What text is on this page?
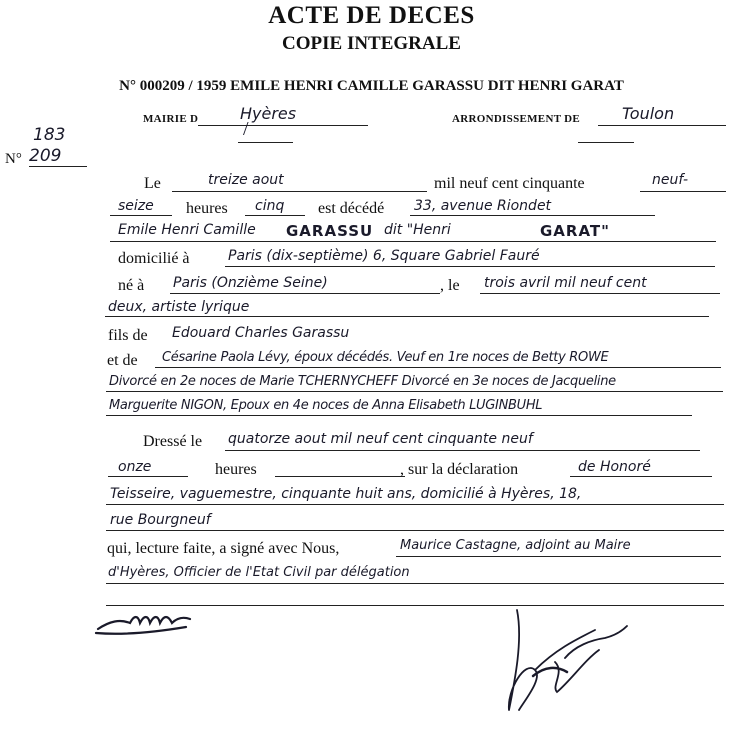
ACTE DE DECES
COPIE INTEGRALE
N° 000209 / 1959 EMILE HENRI CAMILLE GARASSU DIT HENRI GARAT
MAIRIE D	Hyères
/	ARRONDISSEMENT DE	Toulon
183
N° 209
Le	treize aout	mil neuf cent cinquante	neuf-
seize heures cinq est décédé 33, avenue Riondet
Emile Henri Camille GARASSU dit "Henri	GARAT"
domicilié à	Paris (dix-septième) 6, Square Gabriel Fauré
né à Paris (Onzième Seine)	, le trois avril mil neuf cent
deux, artiste lyrique
fils de Edouard Charles Garassu
et de Césarine Paola Lévy, époux décédés. Veuf en 1re noces de Betty ROWE
Divorcé en 2e noces de Marie TCHERNYCHEFF Divorcé en 3e noces de Jacqueline
Marguerite NIGON, Epoux en 4e noces de Anna Elisabeth LUGINBUHL
Dressé le quatorze aout mil neuf cent cinquante neuf
onze	heures	, sur la déclaration	de Honoré
Teisseire, vaguemestre, cinquante huit ans, domicilié à Hyères, 18,
rue Bourgneuf
qui, lecture faite, a signé avec Nous,	Maurice Castagne, adjoint au Maire
d'Hyères, Officier de l'Etat Civil par délégation
